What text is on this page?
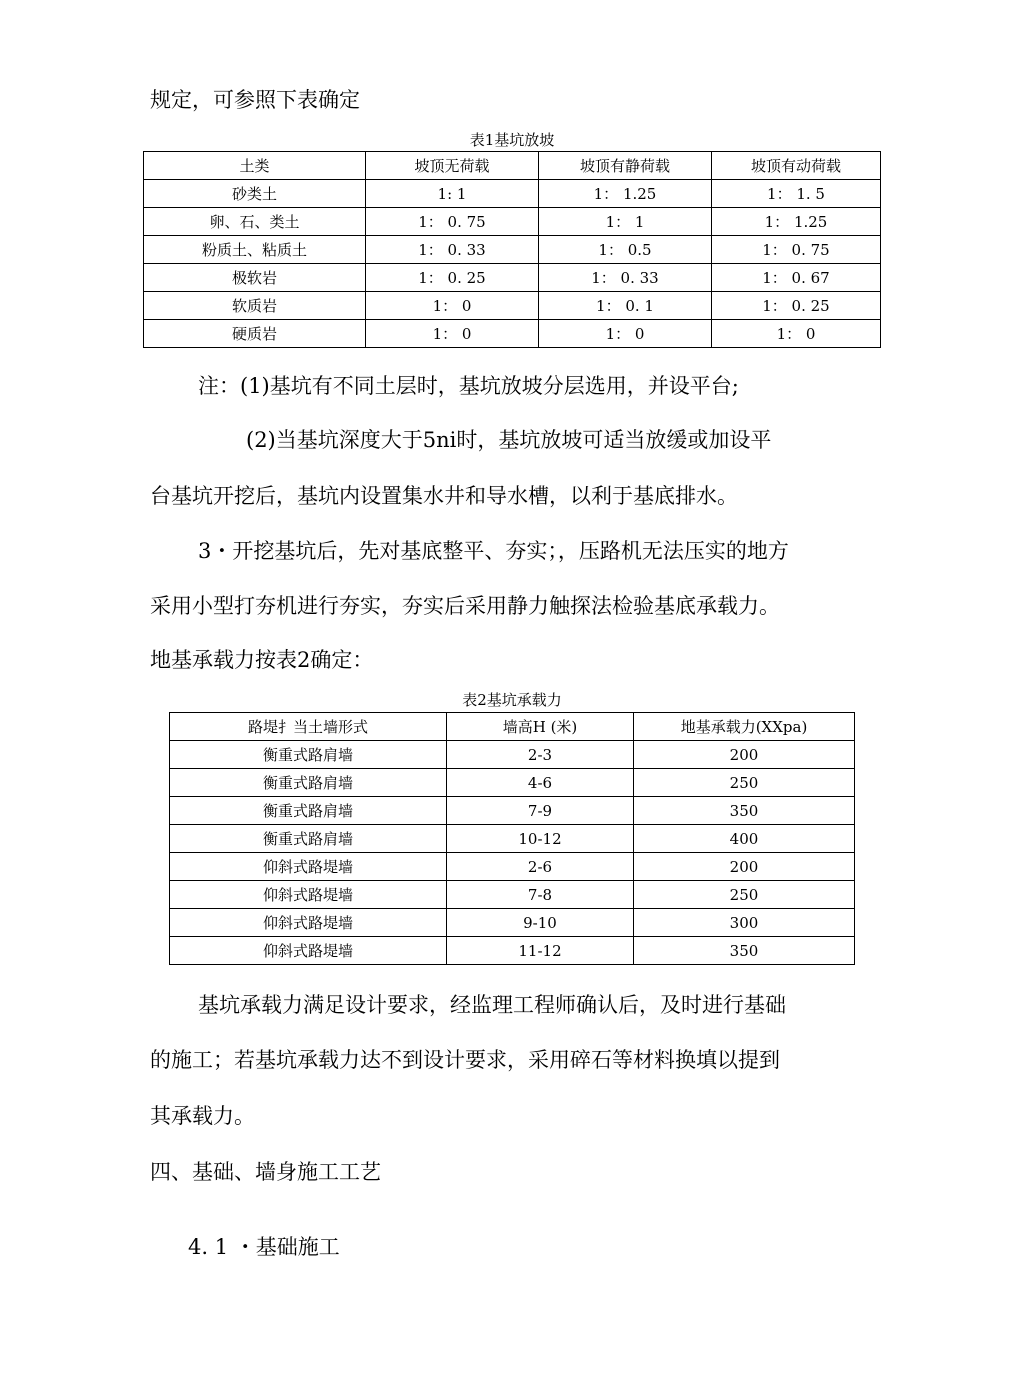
规定，可参照下表确定
表1基坑放坡
土类	坡顶无荷载	坡顶有静荷载	坡顶有动荷载
砂类土	1: 1	1： 1.25	1： 1. 5
卵、石、类土	1： 0. 75	1： 1	1： 1.25
粉质土、粘质土	1： 0. 33	1： 0.5	1： 0. 75
极软岩	1： 0. 25	1： 0. 33	1： 0. 67
软质岩	1： 0	1： 0. 1	1： 0. 25
硬质岩	1： 0	1： 0	1： 0
注：(1)基坑有不同土层时，基坑放坡分层选用，并设平台;
(2)当基坑深度大于5ni时，基坑放坡可适当放缓或加设平
台基坑开挖后，基坑内设置集水井和导水槽，以利于基底排水。
3・开挖基坑后，先对基底整平、夯实；，压路机无法压实的地方
采用小型打夯机进行夯实，夯实后采用静力触探法检验基底承载力。
地基承载力按表2确定：
表2基坑承载力
路堤扌当土墙形式	墙高H (米)	地基承载力(XXpa)
衡重式路肩墙	2-3	200
衡重式路肩墙	4-6	250
衡重式路肩墙	7-9	350
衡重式路肩墙	10-12	400
仰斜式路堤墙	2-6	200
仰斜式路堤墙	7-8	250
仰斜式路堤墙	9-10	300
仰斜式路堤墙	11-12	350
基坑承载力满足设计要求，经监理工程师确认后，及时进行基础
的施工；若基坑承载力达不到设计要求，采用碎石等材料换填以提到
其承载力。
四、基础、墙身施工工艺
4. 1 ・基础施工
